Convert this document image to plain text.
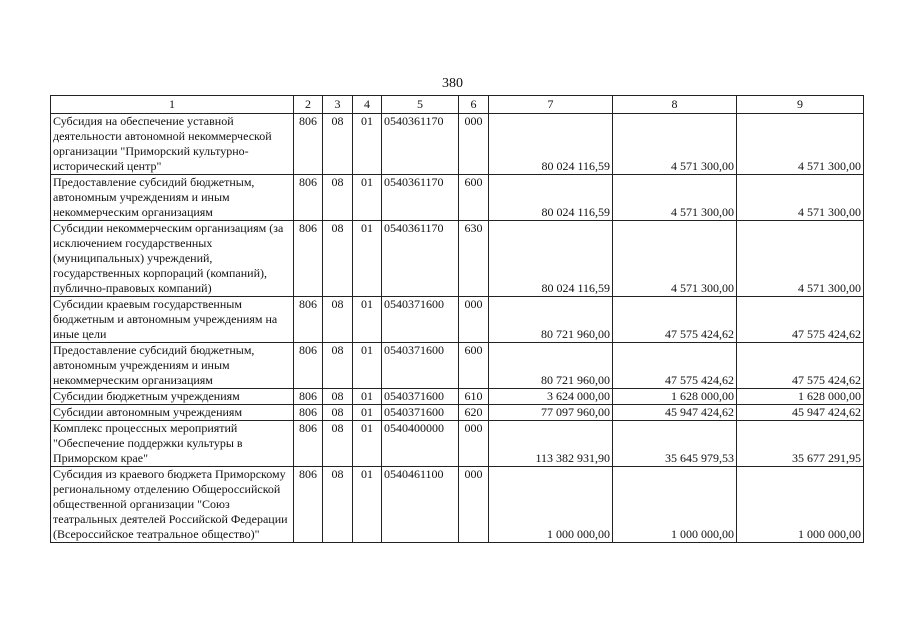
380
1	2	3	4	5	6	7	8	9
Субсидия на обеспечение уставной деятельности автономной некоммерческой организации "Приморский культурно-исторический центр"	806	08	01	0540361170	000	80 024 116,59	4 571 300,00	4 571 300,00
Предоставление субсидий бюджетным, автономным учреждениям и иным некоммерческим организациям	806	08	01	0540361170	600	80 024 116,59	4 571 300,00	4 571 300,00
Субсидии некоммерческим организациям (за исключением государственных (муниципальных) учреждений, государственных корпораций (компаний), публично-правовых компаний)	806	08	01	0540361170	630	80 024 116,59	4 571 300,00	4 571 300,00
Субсидии краевым государственным бюджетным и автономным учреждениям на иные цели	806	08	01	0540371600	000	80 721 960,00	47 575 424,62	47 575 424,62
Предоставление субсидий бюджетным, автономным учреждениям и иным некоммерческим организациям	806	08	01	0540371600	600	80 721 960,00	47 575 424,62	47 575 424,62
Субсидии бюджетным учреждениям	806	08	01	0540371600	610	3 624 000,00	1 628 000,00	1 628 000,00
Субсидии автономным учреждениям	806	08	01	0540371600	620	77 097 960,00	45 947 424,62	45 947 424,62
Комплекс процессных мероприятий "Обеспечение поддержки культуры в Приморском крае"	806	08	01	0540400000	000	113 382 931,90	35 645 979,53	35 677 291,95
Субсидия из краевого бюджета Приморскому региональному отделению Общероссийской общественной организации "Союз театральных деятелей Российской Федерации (Всероссийское театральное общество)"	806	08	01	0540461100	000	1 000 000,00	1 000 000,00	1 000 000,00
